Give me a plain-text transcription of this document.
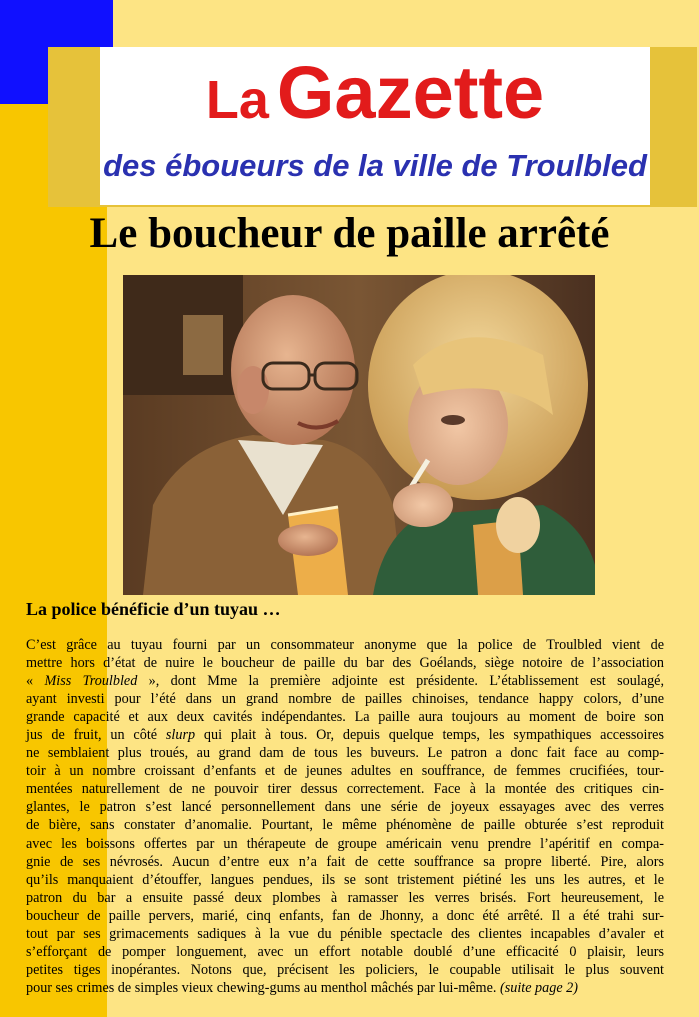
La Gazette
des éboueurs de la ville de Troulbled
Le boucheur de paille arrêté
La police bénéficie d’un tuyau …
C’est grâce au tuyau fourni par un consommateur anonyme que la police de Troulbled vient de
mettre hors d’état de nuire le boucheur de paille du bar des Goélands, siège notoire de l’association
« Miss Troulbled », dont Mme la première adjointe est présidente. L’établissement est soulagé,
ayant investi pour l’été dans un grand nombre de pailles chinoises, tendance happy colors, d’une
grande capacité et aux deux cavités indépendantes. La paille aura toujours au moment de boire son
jus de fruit, un côté slurp qui plait à tous. Or, depuis quelque temps, les sympathiques accessoires
ne semblaient plus troués, au grand dam de tous les buveurs. Le patron a donc fait face au comp-
toir à un nombre croissant d’enfants et de jeunes adultes en souffrance, de femmes crucifiées, tour-
mentées naturellement de ne pouvoir tirer dessus correctement. Face à la montée des critiques cin-
glantes, le patron s’est lancé personnellement dans une série de joyeux essayages avec des verres
de bière, sans constater d’anomalie. Pourtant, le même phénomène de paille obturée s’est reproduit
avec les boissons offertes par un thérapeute de groupe américain venu prendre l’apéritif en compa-
gnie de ses névrosés. Aucun d’entre eux n’a fait de cette souffrance sa propre liberté. Pire, alors
qu’ils manquaient d’étouffer, langues pendues, ils se sont tristement piétiné les uns les autres, et le
patron du bar a ensuite passé deux plombes à ramasser les verres brisés. Fort heureusement, le
boucheur de paille pervers, marié, cinq enfants, fan de Jhonny, a donc été arrêté. Il a été trahi sur-
tout par ses grimacements sadiques à la vue du pénible spectacle des clientes incapables d’avaler et
s’efforçant de pomper longuement, avec un effort notable doublé d’une efficacité 0 plaisir, leurs
petites tiges inopérantes. Notons que, précisent les policiers, le coupable utilisait le plus souvent
pour ses crimes de simples vieux chewing-gums au menthol mâchés par lui-même. (suite page 2)
